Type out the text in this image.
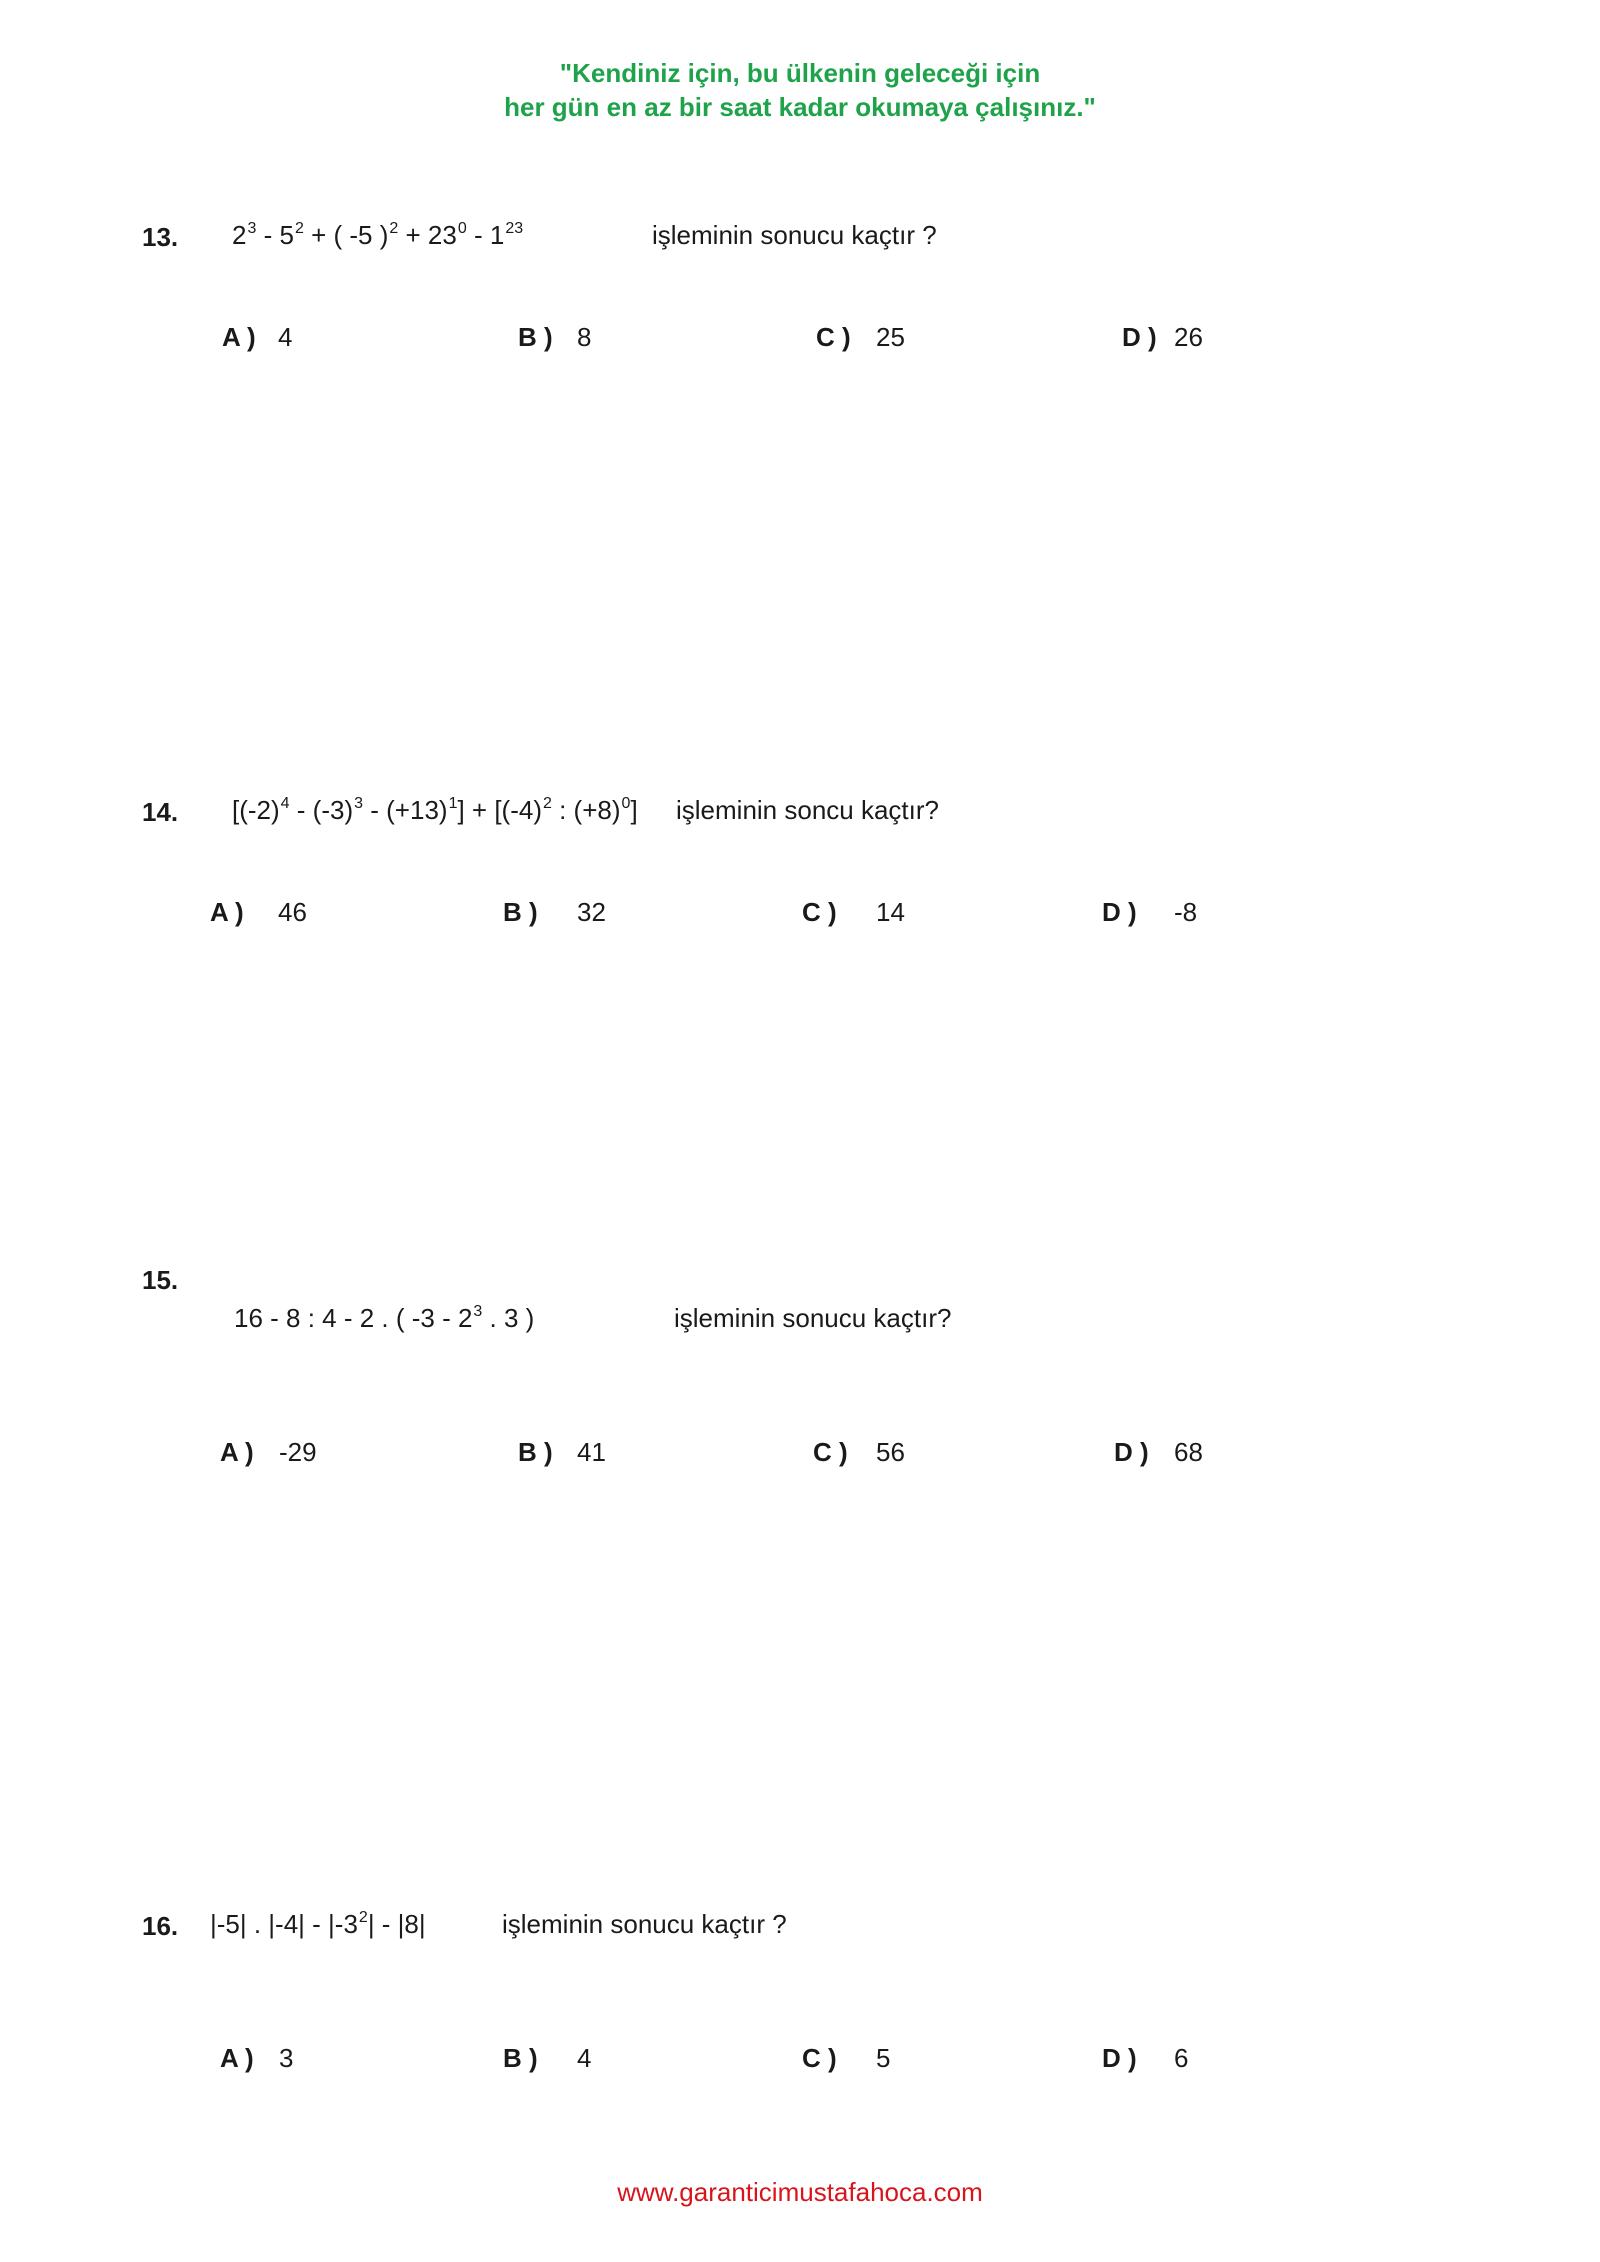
"Kendiniz için, bu ülkenin geleceği için
her gün en az bir saat kadar okumaya çalışınız."
13. $2^3 - 5^2$ + ( -5 )$^2 + 23^0 - 1^{23}$	işleminin sonucu kaçtır ?
A ) 4	B ) 8	C ) 25	D ) 26
14. $[(-2)^4 - (-3)^3 - (+13)^1] + [(-4)^2$ : $(+8)^0$] işleminin soncu kaçtır?
A ) 46	B ) 32	C ) 14	D ) -8
15.
16 - 8 : 4 - 2 . ( $-3 - 2^3$ . 3 )	işleminin sonucu kaçtır?
A ) -29	B ) 41	C ) 56	D ) 68
16. |-5| . $|-4| - |-3^2| - |8|$	işleminin sonucu kaçtır ?
A ) 3	B ) 4	C ) 5	D ) 6
www.garanticimustafahoca.com
